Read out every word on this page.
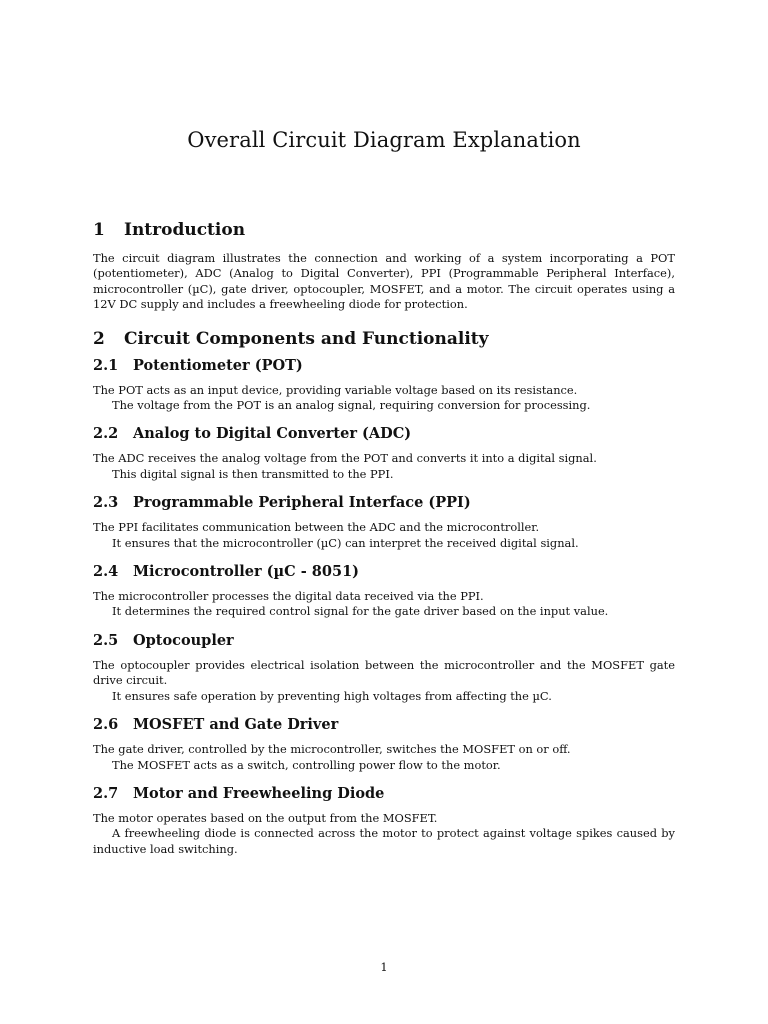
Overall Circuit Diagram Explanation
1	Introduction

The circuit diagram illustrates the connection and working of a system incorporating a POT (potentiometer), ADC (Analog to Digital Converter), PPI (Programmable Peripheral Interface), microcontroller (µC), gate driver, optocoupler, MOSFET, and a motor. The circuit operates using a 12V DC supply and includes a freewheeling diode for protection.

2	Circuit Components and Functionality
2.1	Potentiometer (POT)

The POT acts as an input device, providing variable voltage based on its resistance.

The voltage from the POT is an analog signal, requiring conversion for processing.

2.2	Analog to Digital Converter (ADC)

The ADC receives the analog voltage from the POT and converts it into a digital signal.

This digital signal is then transmitted to the PPI.

2.3	Programmable Peripheral Interface (PPI)

The PPI facilitates communication between the ADC and the microcontroller.

It ensures that the microcontroller (µC) can interpret the received digital signal.

2.4	Microcontroller (µC - 8051)

The microcontroller processes the digital data received via the PPI.

It determines the required control signal for the gate driver based on the input value.

2.5	Optocoupler

The optocoupler provides electrical isolation between the microcontroller and the MOSFET gate drive circuit.

It ensures safe operation by preventing high voltages from affecting the µC.

2.6	MOSFET and Gate Driver

The gate driver, controlled by the microcontroller, switches the MOSFET on or off.

The MOSFET acts as a switch, controlling power flow to the motor.

2.7	Motor and Freewheeling Diode

The motor operates based on the output from the MOSFET.

A freewheeling diode is connected across the motor to protect against voltage spikes caused by inductive load switching.

1
